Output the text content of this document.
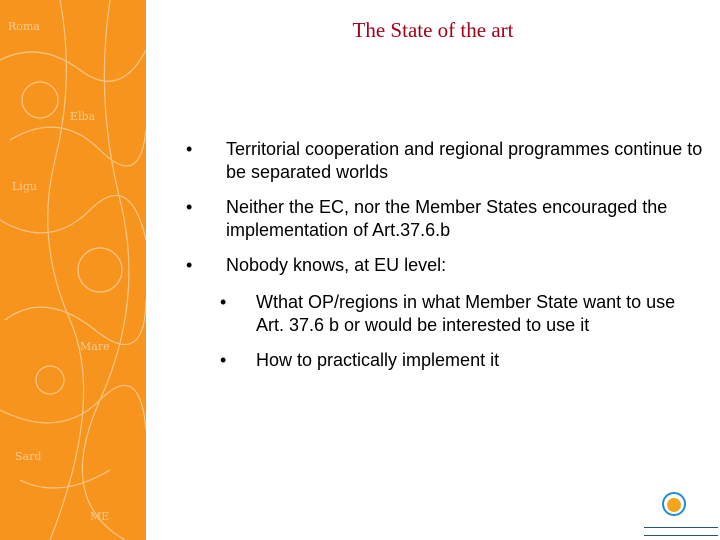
Roma
Elba
Ligu
Mare
Sard
ME
The State of the art
• Territorial cooperation and regional programmes continue to be separated worlds
• Neither the EC, nor the Member States encouraged the implementation of Art.37.6.b
• Nobody knows, at EU level:
• Wthat OP/regions in what Member State want to use Art. 37.6 b or would be interested to use it
• How to practically implement it
